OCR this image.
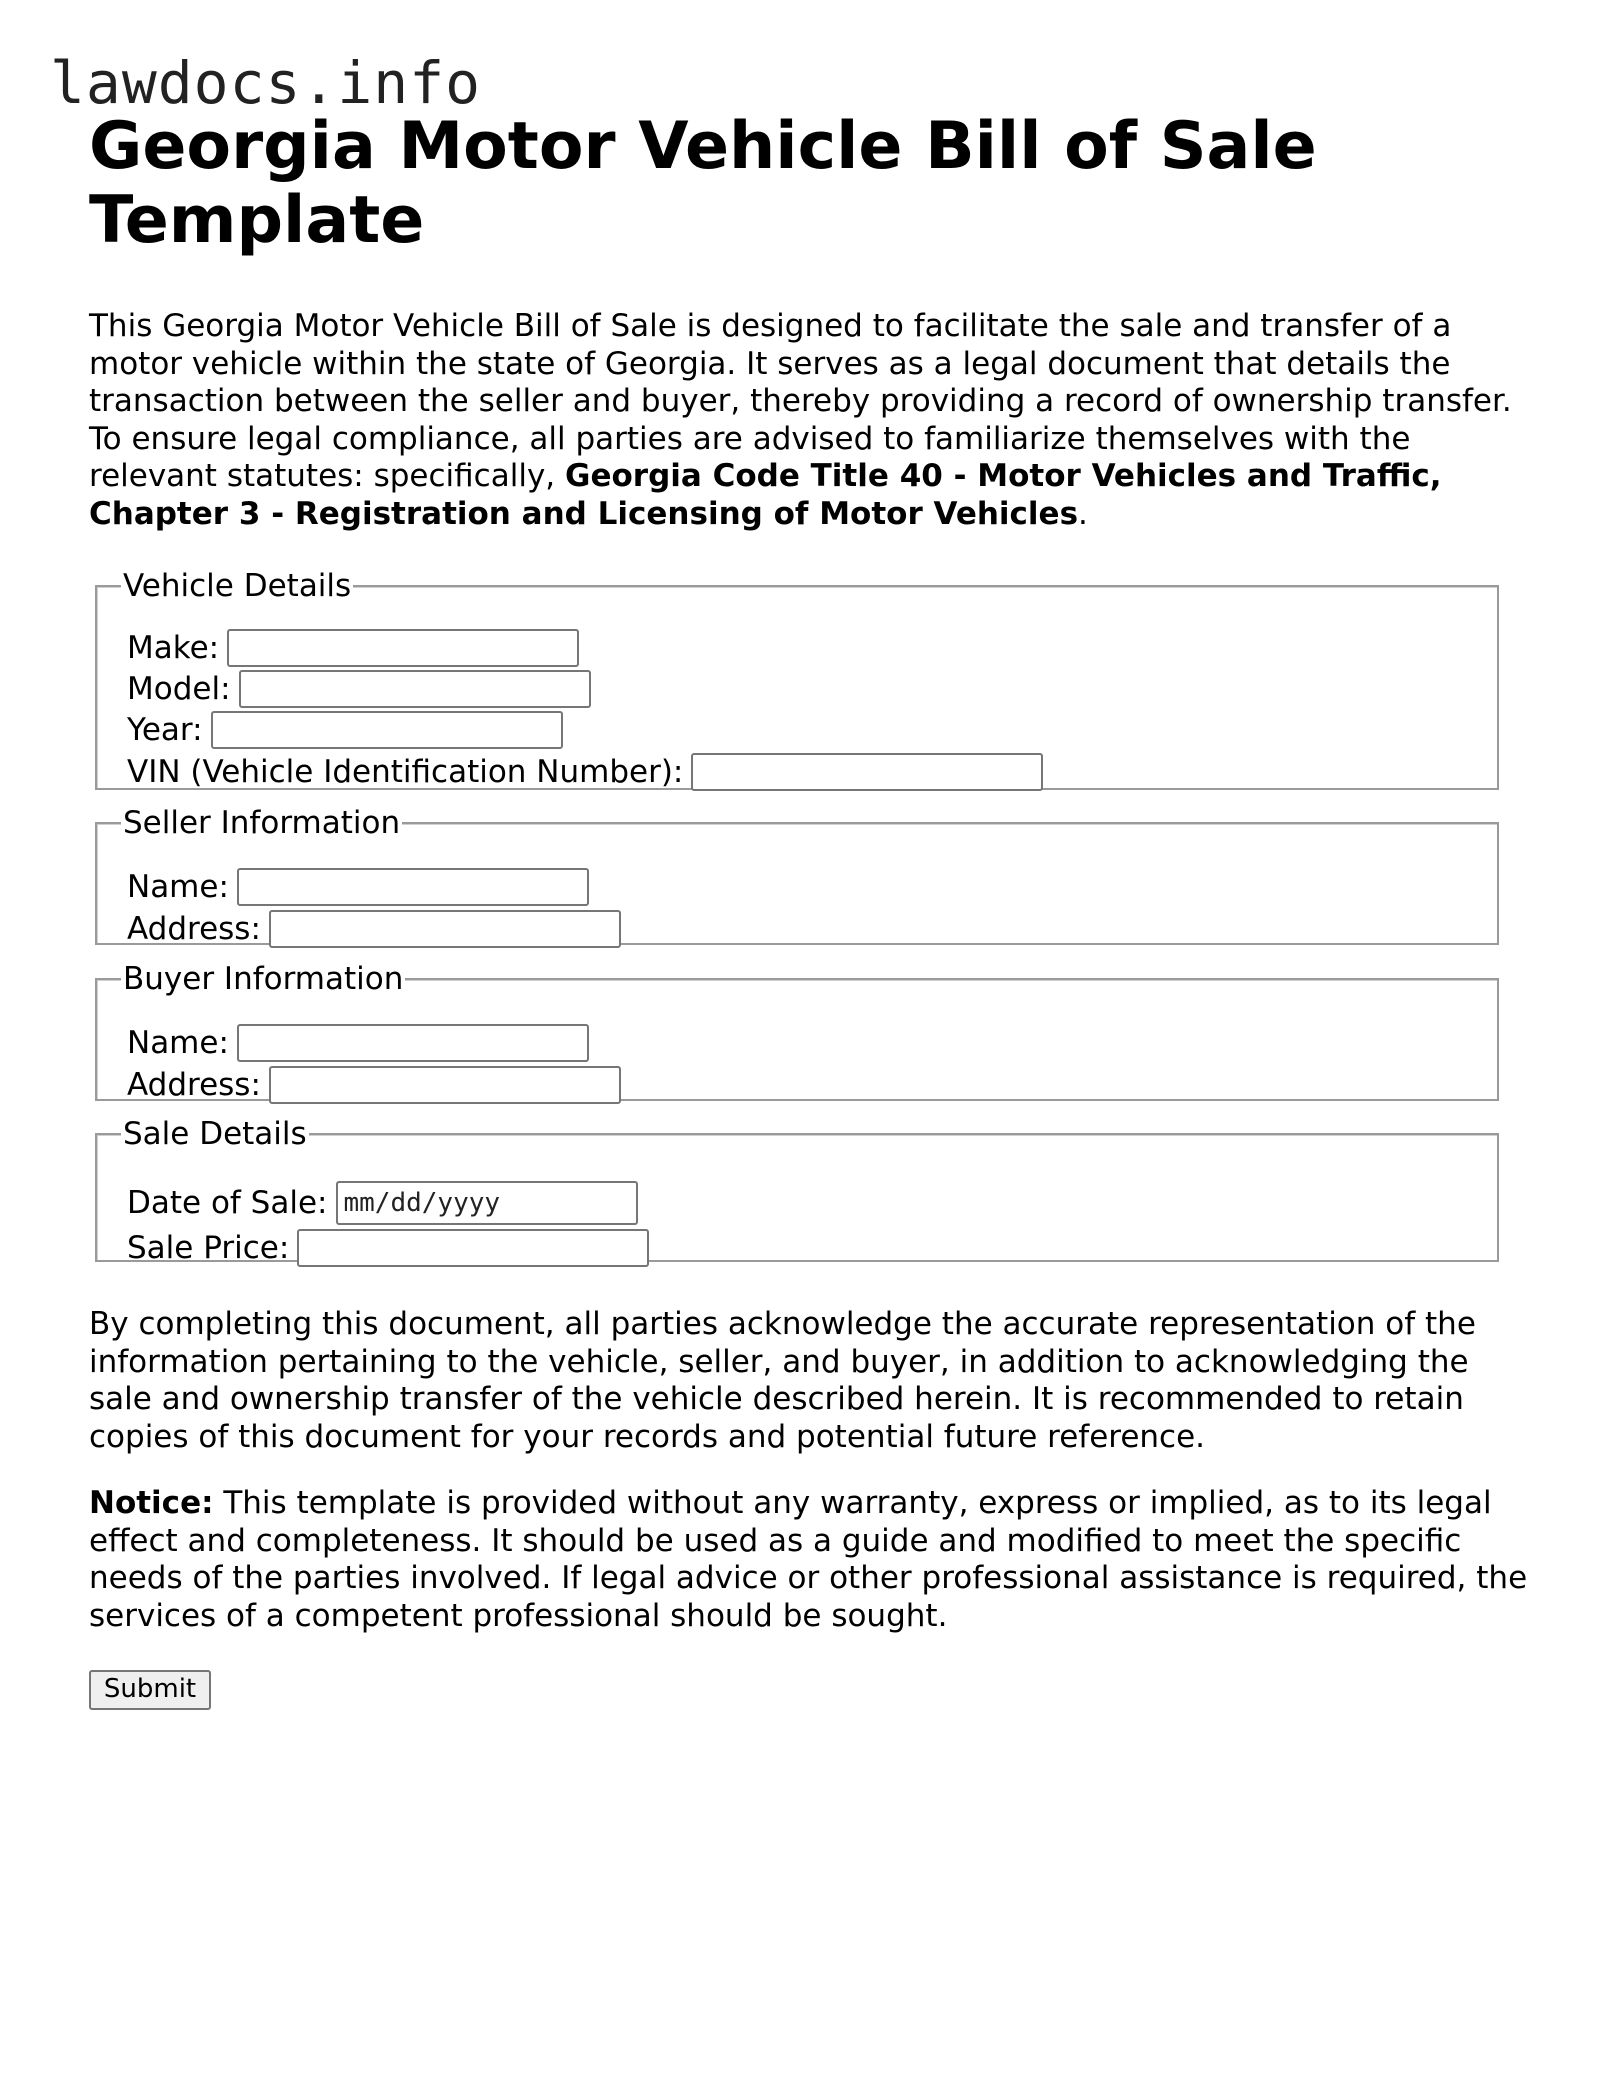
lawdocs.info
Georgia Motor Vehicle Bill of Sale Template

This Georgia Motor Vehicle Bill of Sale is designed to facilitate the sale and transfer of a motor vehicle within the state of Georgia. It serves as a legal document that details the transaction between the seller and buyer, thereby providing a record of ownership transfer. To ensure legal compliance, all parties are advised to familiarize themselves with the relevant statutes: specifically, Georgia Code Title 40 - Motor Vehicles and Traffic, Chapter 3 - Registration and Licensing of Motor Vehicles.

Vehicle Details
Make:
Model:
Year:
VIN (Vehicle Identification Number):
Seller Information
Name:
Address:
Buyer Information
Name:
Address:
Sale Details
Date of Sale: mm/dd/yyyy
Sale Price:

By completing this document, all parties acknowledge the accurate representation of the information pertaining to the vehicle, seller, and buyer, in addition to acknowledging the sale and ownership transfer of the vehicle described herein. It is recommended to retain copies of this document for your records and potential future reference.

Notice: This template is provided without any warranty, express or implied, as to its legal effect and completeness. It should be used as a guide and modified to meet the specific needs of the parties involved. If legal advice or other professional assistance is required, the services of a competent professional should be sought.

Submit
